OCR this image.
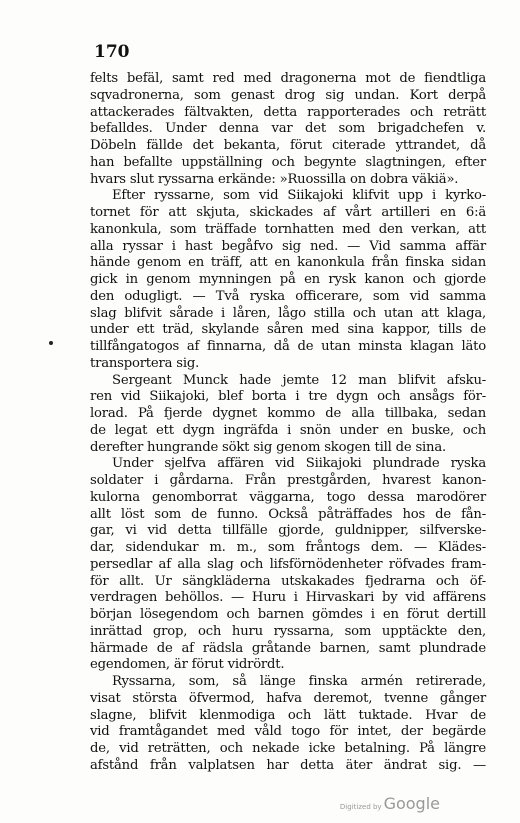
170
felts befäl, samt red med dragonerna mot de fiendtliga
sqvadronerna, som genast drog sig undan. Kort derpå
attackerades fältvakten, detta rapporterades och reträtt
befalldes. Under denna var det som brigadchefen v.
Döbeln fällde det bekanta, förut citerade yttrandet, då
han befallte uppställning och begynte slagtningen, efter
hvars slut ryssarna erkände: »Ruossilla on dobra väkiä».
Efter ryssarne, som vid Siikajoki klifvit upp i kyrko-
tornet för att skjuta, skickades af vårt artilleri en 6:ä
kanonkula, som träffade tornhatten med den verkan, att
alla ryssar i hast begåfvo sig ned. — Vid samma affär
hände genom en träff, att en kanonkula från finska sidan
gick in genom mynningen på en rysk kanon och gjorde
den odugligt. — Två ryska officerare, som vid samma
slag blifvit sårade i låren, lågo stilla och utan att klaga,
under ett träd, skylande såren med sina kappor, tills de
tillfångatogos af finnarna, då de utan minsta klagan läto
transportera sig.
Sergeant Munck hade jemte 12 man blifvit afsku-
ren vid Siikajoki, blef borta i tre dygn och ansågs för-
lorad. På fjerde dygnet kommo de alla tillbaka, sedan
de legat ett dygn ingräfda i snön under en buske, och
derefter hungrande sökt sig genom skogen till de sina.
Under sjelfva affären vid Siikajoki plundrade ryska
soldater i gårdarna. Från prestgården, hvarest kanon-
kulorna genomborrat väggarna, togo dessa marodörer
allt löst som de funno. Också påträffades hos de fån-
gar, vi vid detta tillfälle gjorde, guldnipper, silfverske-
dar, sidendukar m. m., som fråntogs dem. — Klädes-
persedlar af alla slag och lifsförnödenheter röfvades fram-
för allt. Ur sängkläderna utskakades fjedrarna och öf-
verdragen behöllos. — Huru i Hirvaskari by vid affärens
början lösegendom och barnen gömdes i en förut dertill
inrättad grop, och huru ryssarna, som upptäckte den,
härmade de af rädsla gråtande barnen, samt plundrade
egendomen, är förut vidrördt.
Ryssarna, som, så länge finska armén retirerade,
visat största öfvermod, hafva deremot, tvenne gånger
slagne, blifvit klenmodiga och lätt tuktade. Hvar de
vid framtågandet med våld togo för intet, der begärde
de, vid reträtten, och nekade icke betalning. På längre
afstånd från valplatsen har detta äter ändrat sig. —
Digitized by Google
